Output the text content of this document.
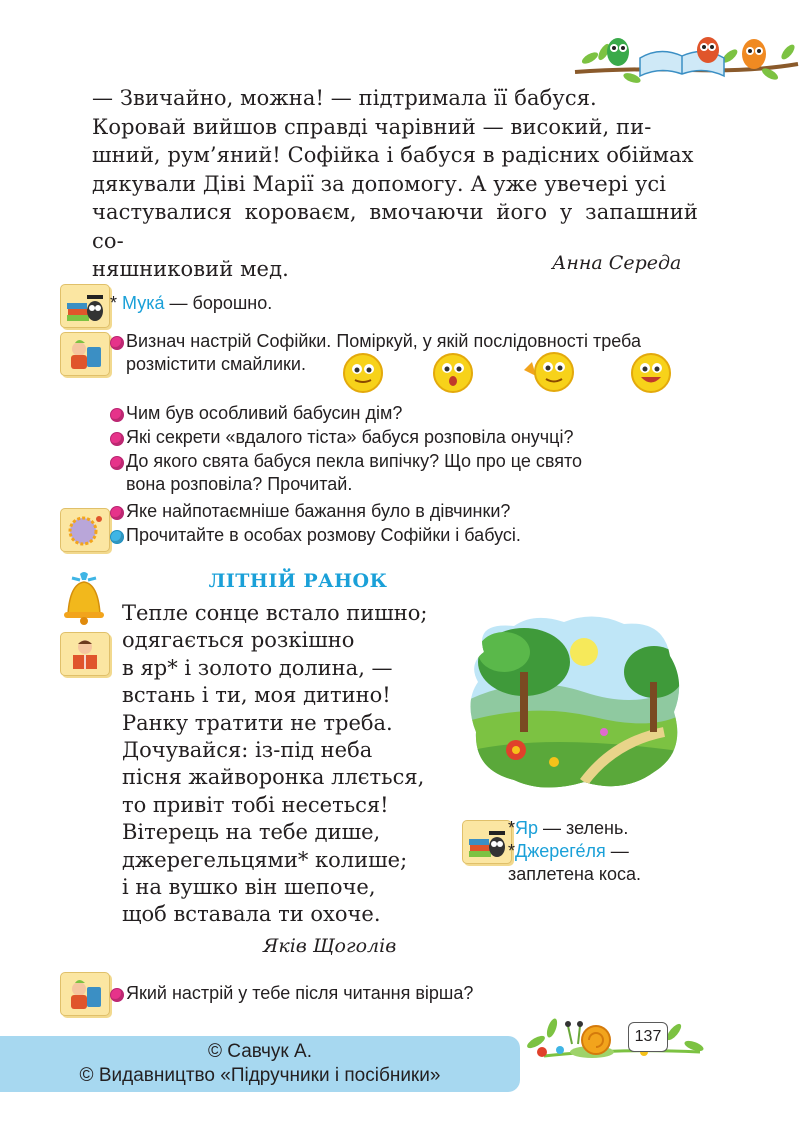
— Звичайно, можна! — підтримала її бабуся.

Коровай вийшов справді чарівний — високий, пи-

шний, рум’яний! Софійка і бабуся в радісних обіймах

дякували Діві Марії за допомогу. А уже увечері усі

частувалися короваєм, вмочаючи його у запашний со-

няшниковий мед.	Анна Середа
* Мука́ — борошно.
Визнач настрій Софійки. Поміркуй, у якій послідовності треба
розмістити смайлики.
Чим був особливий бабусин дім?
Які секрети «вдалого тіста» бабуся розповіла онучці?
До якого свята бабуся пекла випічку? Що про це свято
вона розповіла? Прочитай.
Яке найпотаємніше бажання було в дівчинки?
Прочитайте в особах розмову Софійки і бабусі.
ЛІТНІЙ РАНОК
Тепле сонце встало пишно;
одягається розкішно
в яр* і золото долина, —
встань і ти, моя дитино!
Ранку тратити не треба.
Дочувайся: із-під неба
пісня жайворонка ллється,
то привіт тобі несеться!
Вітерець на тебе дише,
джерегельцями* колише;
і на вушко він шепоче,
щоб вставала ти охоче.
Яків Щоголів
*Яр — зелень.
*Джереге́ля —
заплетена коса.
Який настрій у тебе після читання вірша?
137
© Савчук А.
© Видавництво «Підручники і посібники»
